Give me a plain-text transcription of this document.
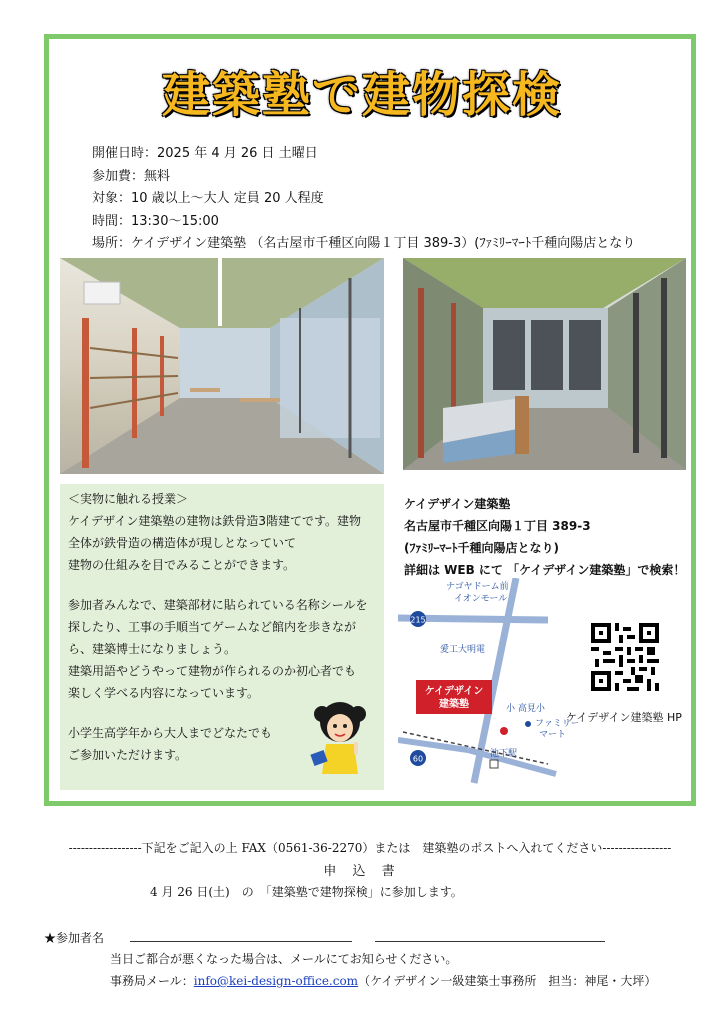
建築塾で建物探検
開催日時：2025 年 4 月 26 日 土曜日
参加費：無料
対象：10 歳以上～大人 定員 20 人程度
時間：13:30～15:00
場所：ケイデザイン建築塾 （名古屋市千種区向陽１丁目 389-3）(ﾌｧﾐﾘｰﾏｰﾄ千種向陽店となり

＜実物に触れる授業＞

ケイデザイン建築塾の建物は鉄骨造3階建てです。建物

全体が鉄骨造の構造体が現しとなっていて

建物の仕組みを目でみることができます。

参加者みんなで、建築部材に貼られている名称シールを

探したり、工事の手順当てゲームなど館内を歩きなが

ら、建築博士になりましょう。

建築用語やどうやって建物が作られるのか初心者でも

楽しく学べる内容になっています。

小学生高学年から大人までどなたでも

ご参加いただけます。

ケイデザイン建築塾
名古屋市千種区向陽１丁目 389-3
(ﾌｧﾐﾘｰﾏｰﾄ千種向陽店となり)
詳細は WEB にて 「ケイデザイン建築塾」で検索！
215
60
ナゴヤドーム前
イオンモール
愛工大明電
ケイデザイン
建築塾	小 高見小
ファミリー
マート
池下駅
ケイデザイン建築塾 HP
------------------下記をご記入の上 FAX（0561-36-2270）または　建築塾のポストへ入れてください-----------------
申 込 書
4 月 26 日(土)　の　「建築塾で建物探検」に参加します。
★参加者名
当日ご都合が悪くなった場合は、メールにてお知らせください。
事務局メール：info@kei-design-office.com（ケイデザイン一級建築士事務所　担当：神尾・大坪）
